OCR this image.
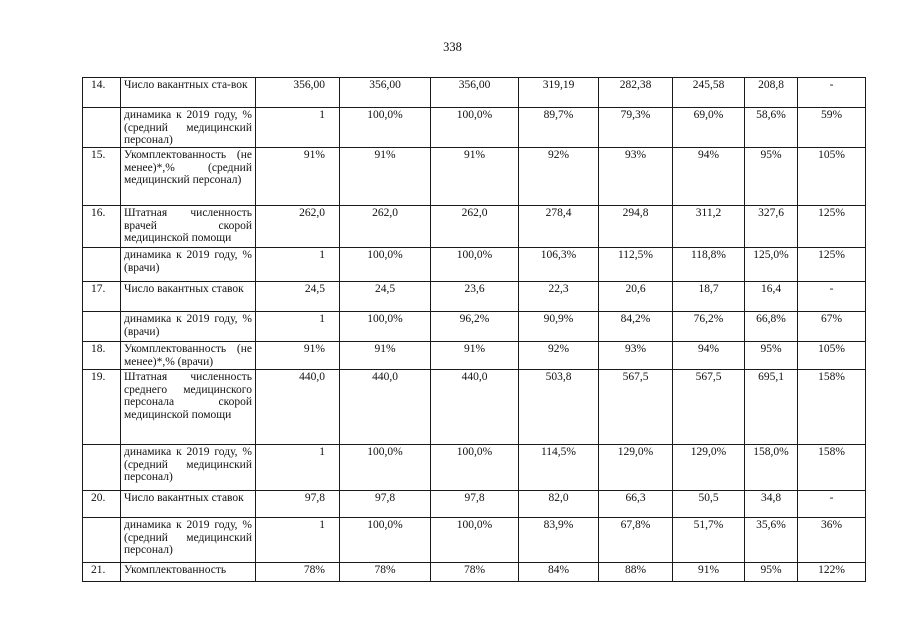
338
14.	Число вакантных ста-вок	356,00	356,00	356,00	319,19	282,38	245,58	208,8	-
	динамика к 2019 году, % (средний медицинский персонал)	1	100,0%	100,0%	89,7%	79,3%	69,0%	58,6%	59%
15.	Укомплектованность (не менее)*,% (средний медицинский персонал)	91%	91%	91%	92%	93%	94%	95%	105%
16.	Штатная численность врачей скорой медицинской помощи	262,0	262,0	262,0	278,4	294,8	311,2	327,6	125%
	динамика к 2019 году, % (врачи)	1	100,0%	100,0%	106,3%	112,5%	118,8%	125,0%	125%
17.	Число вакантных ставок	24,5	24,5	23,6	22,3	20,6	18,7	16,4	-
	динамика к 2019 году, % (врачи)	1	100,0%	96,2%	90,9%	84,2%	76,2%	66,8%	67%
18.	Укомплектованность (не менее)*,% (врачи)	91%	91%	91%	92%	93%	94%	95%	105%
19.	Штатная численность среднего медицинского персонала скорой медицинской помощи	440,0	440,0	440,0	503,8	567,5	567,5	695,1	158%
	динамика к 2019 году, % (средний медицинский персонал)	1	100,0%	100,0%	114,5%	129,0%	129,0%	158,0%	158%
20.	Число вакантных ставок	97,8	97,8	97,8	82,0	66,3	50,5	34,8	-
	динамика к 2019 году, % (средний медицинский персонал)	1	100,0%	100,0%	83,9%	67,8%	51,7%	35,6%	36%
21.	Укомплектованность	78%	78%	78%	84%	88%	91%	95%	122%
